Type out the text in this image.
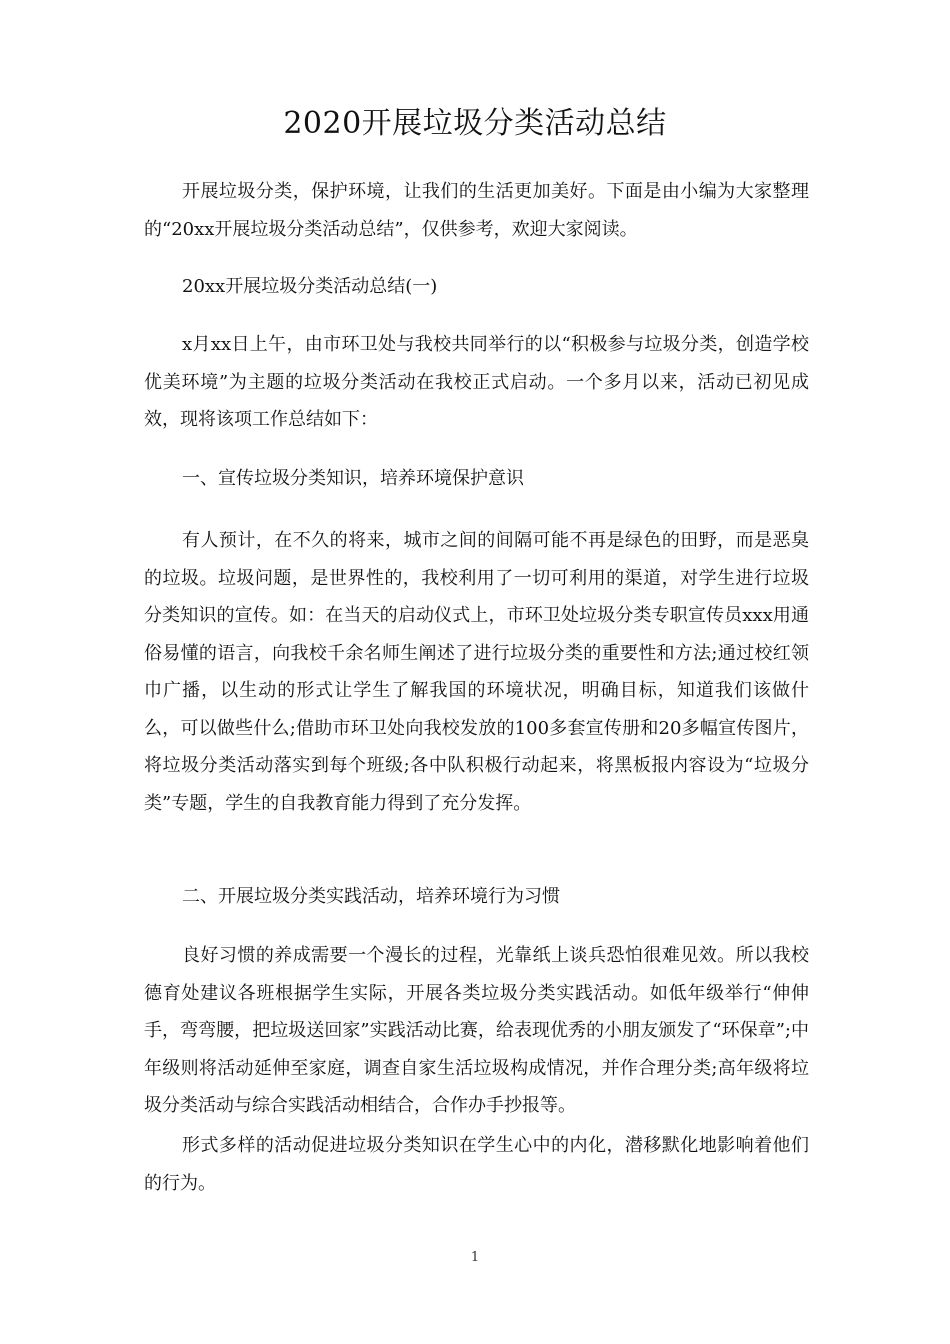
2020开展垃圾分类活动总结

开展垃圾分类，保护环境，让我们的生活更加美好。下面是由小编为大家整理的“20xx开展垃圾分类活动总结”，仅供参考，欢迎大家阅读。

20xx开展垃圾分类活动总结(一)

x月xx日上午，由市环卫处与我校共同举行的以“积极参与垃圾分类，创造学校优美环境”为主题的垃圾分类活动在我校正式启动。一个多月以来，活动已初见成效，现将该项工作总结如下：

一、宣传垃圾分类知识，培养环境保护意识

有人预计，在不久的将来，城市之间的间隔可能不再是绿色的田野，而是恶臭的垃圾。垃圾问题，是世界性的，我校利用了一切可利用的渠道，对学生进行垃圾分类知识的宣传。如：在当天的启动仪式上，市环卫处垃圾分类专职宣传员xxx用通俗易懂的语言，向我校千余名师生阐述了进行垃圾分类的重要性和方法;通过校红领巾广播，以生动的形式让学生了解我国的环境状况，明确目标，知道我们该做什么，可以做些什么;借助市环卫处向我校发放的100多套宣传册和20多幅宣传图片，将垃圾分类活动落实到每个班级;各中队积极行动起来，将黑板报内容设为“垃圾分类”专题，学生的自我教育能力得到了充分发挥。

二、开展垃圾分类实践活动，培养环境行为习惯

良好习惯的养成需要一个漫长的过程，光靠纸上谈兵恐怕很难见效。所以我校德育处建议各班根据学生实际，开展各类垃圾分类实践活动。如低年级举行“伸伸手，弯弯腰，把垃圾送回家”实践活动比赛，给表现优秀的小朋友颁发了“环保章”;中年级则将活动延伸至家庭，调查自家生活垃圾构成情况，并作合理分类;高年级将垃圾分类活动与综合实践活动相结合，合作办手抄报等。

形式多样的活动促进垃圾分类知识在学生心中的内化，潜移默化地影响着他们的行为。

1
